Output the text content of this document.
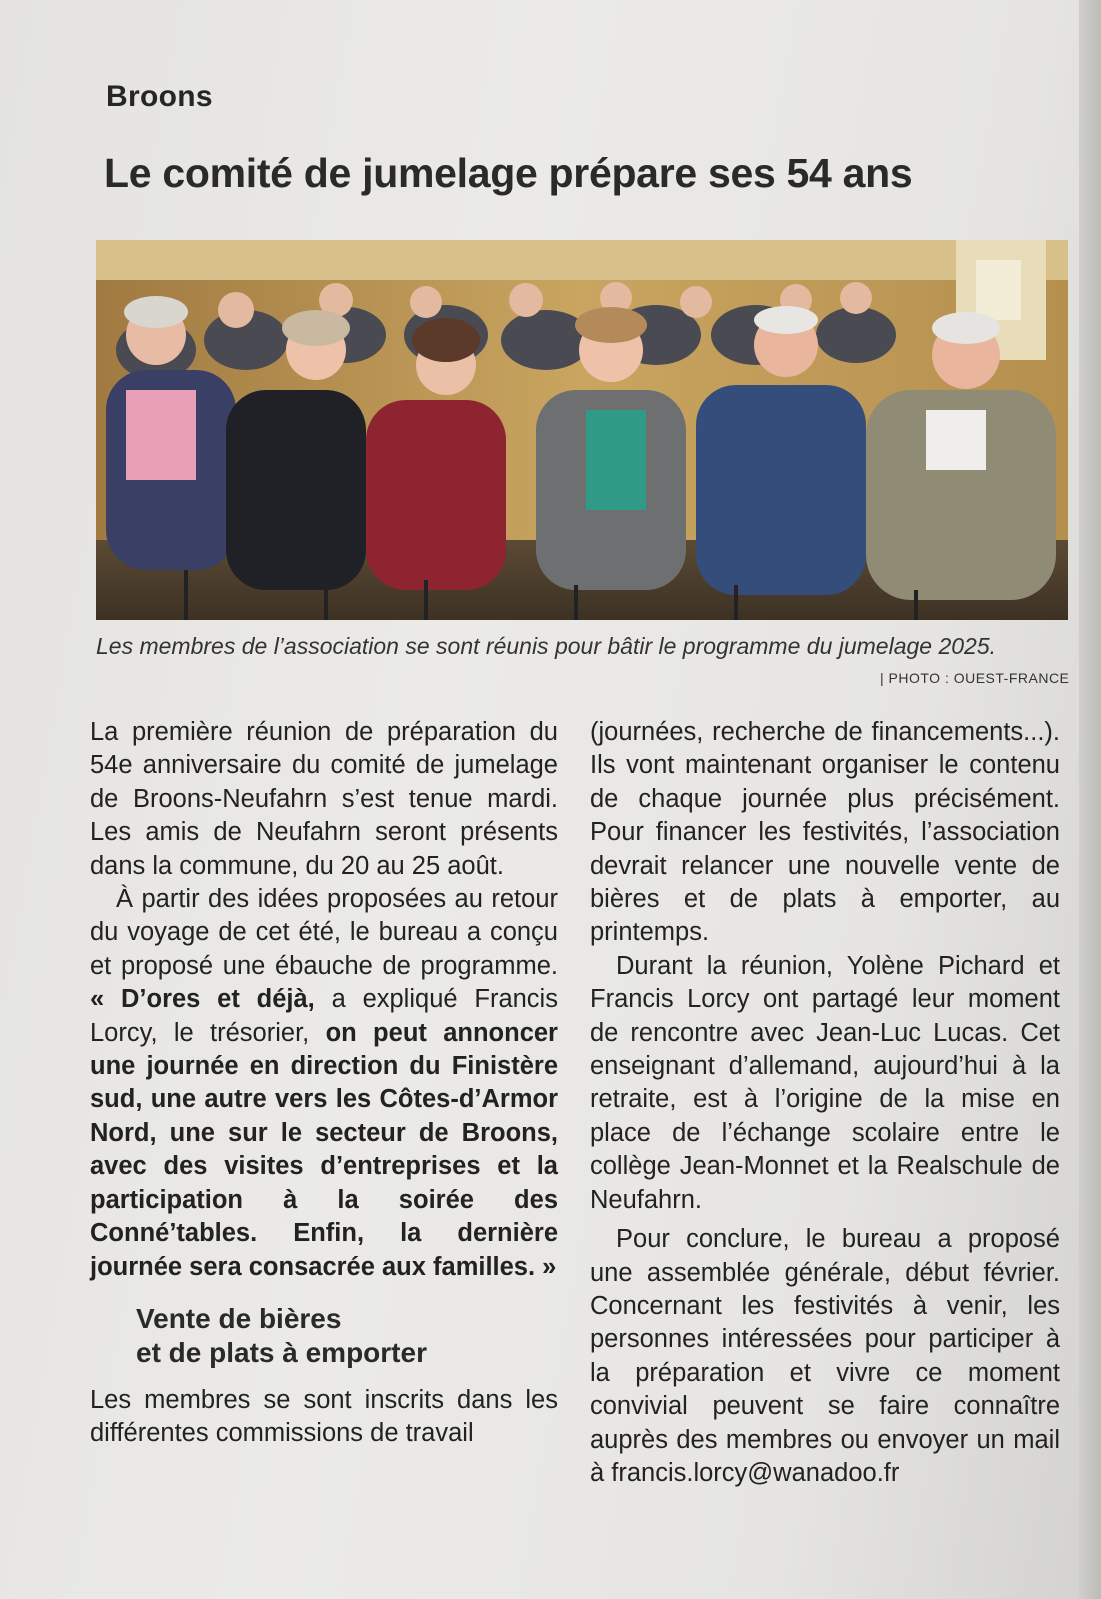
Broons
Le comité de jumelage prépare ses 54 ans
Les membres de l’association se sont réunis pour bâtir le programme du jumelage 2025.
| PHOTO : OUEST-FRANCE

La première réunion de préparation du 54e anniversaire du comité de jumelage de Broons-Neufahrn s’est tenue mardi. Les amis de Neufahrn seront présents dans la commune, du 20 au 25 août.

À partir des idées proposées au retour du voyage de cet été, le bureau a conçu et proposé une ébauche de programme. « D’ores et déjà, a expliqué Francis Lorcy, le trésorier, on peut annoncer une journée en direction du Finistère sud, une autre vers les Côtes-d’Armor Nord, une sur le secteur de Broons, avec des visites d’entreprises et la participation à la soirée des Conné’tables. Enfin, la dernière journée sera consacrée aux familles. »

Vente de bières
et de plats à emporter

Les membres se sont inscrits dans les différentes commissions de travail

(journées, recherche de financements...). Ils vont maintenant organiser le contenu de chaque journée plus précisément. Pour financer les festivités, l’association devrait relancer une nouvelle vente de bières et de plats à emporter, au printemps.

Durant la réunion, Yolène Pichard et Francis Lorcy ont partagé leur moment de rencontre avec Jean-Luc Lucas. Cet enseignant d’allemand, aujourd’hui à la retraite, est à l’origine de la mise en place de l’échange scolaire entre le collège Jean-Monnet et la Realschule de Neufahrn.

Pour conclure, le bureau a proposé une assemblée générale, début février. Concernant les festivités à venir, les personnes intéressées pour participer à la préparation et vivre ce moment convivial peuvent se faire connaître auprès des membres ou envoyer un mail à francis.lorcy@wanadoo.fr
